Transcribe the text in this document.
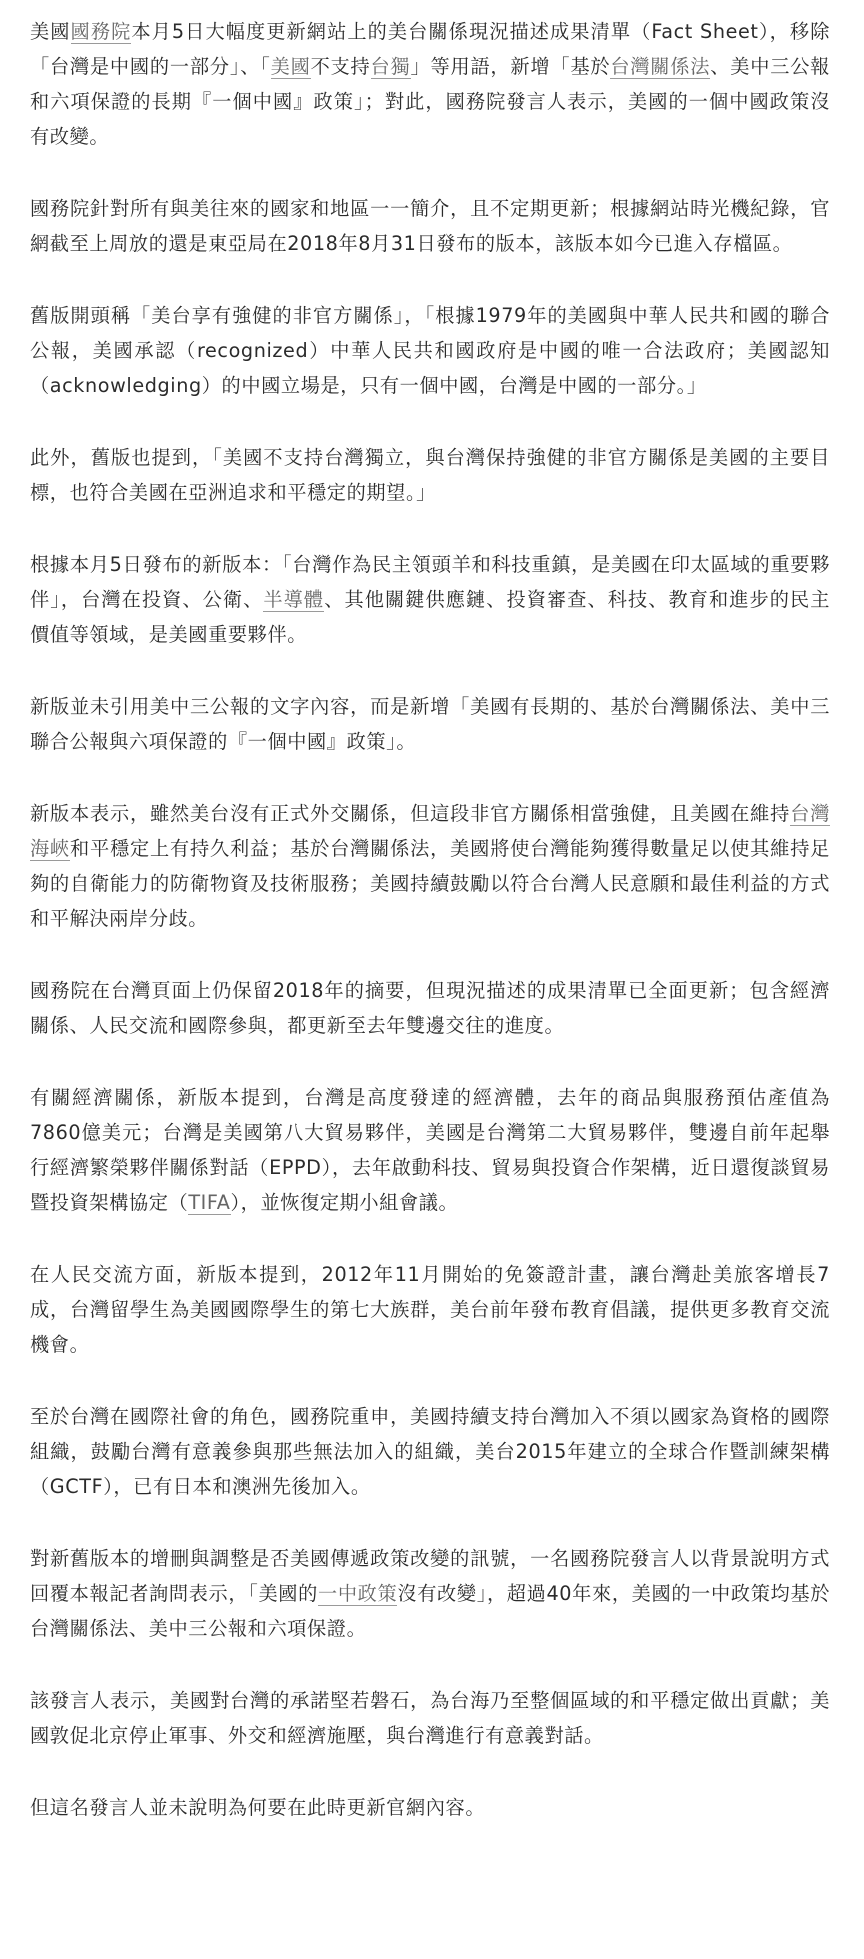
美國國務院本月5日大幅度更新網站上的美台關係現況描述成果清單（Fact Sheet），移除「台灣是中國的一部分」、「美國不支持台獨」等用語，新增「基於台灣關係法、美中三公報和六項保證的長期『一個中國』政策」；對此，國務院發言人表示，美國的一個中國政策沒有改變。

國務院針對所有與美往來的國家和地區一一簡介，且不定期更新；根據網站時光機紀錄，官網截至上周放的還是東亞局在2018年8月31日發布的版本，該版本如今已進入存檔區。

舊版開頭稱「美台享有強健的非官方關係」，「根據1979年的美國與中華人民共和國的聯合公報，美國承認（recognized）中華人民共和國政府是中國的唯一合法政府；美國認知（acknowledging）的中國立場是，只有一個中國，台灣是中國的一部分。」

此外，舊版也提到，「美國不支持台灣獨立，與台灣保持強健的非官方關係是美國的主要目標，也符合美國在亞洲追求和平穩定的期望。」

根據本月5日發布的新版本：「台灣作為民主領頭羊和科技重鎮，是美國在印太區域的重要夥伴」，台灣在投資、公衛、半導體、其他關鍵供應鏈、投資審查、科技、教育和進步的民主價值等領域，是美國重要夥伴。

新版並未引用美中三公報的文字內容，而是新增「美國有長期的、基於台灣關係法、美中三聯合公報與六項保證的『一個中國』政策」。

新版本表示，雖然美台沒有正式外交關係，但這段非官方關係相當強健，且美國在維持台灣海峽和平穩定上有持久利益；基於台灣關係法，美國將使台灣能夠獲得數量足以使其維持足夠的自衛能力的防衛物資及技術服務；美國持續鼓勵以符合台灣人民意願和最佳利益的方式和平解決兩岸分歧。

國務院在台灣頁面上仍保留2018年的摘要，但現況描述的成果清單已全面更新；包含經濟關係、人民交流和國際參與，都更新至去年雙邊交往的進度。

有關經濟關係，新版本提到，台灣是高度發達的經濟體，去年的商品與服務預估產值為7860億美元；台灣是美國第八大貿易夥伴，美國是台灣第二大貿易夥伴，雙邊自前年起舉行經濟繁榮夥伴關係對話（EPPD），去年啟動科技、貿易與投資合作架構，近日還復談貿易暨投資架構協定（TIFA），並恢復定期小組會議。

在人民交流方面，新版本提到，2012年11月開始的免簽證計畫，讓台灣赴美旅客增長7成，台灣留學生為美國國際學生的第七大族群，美台前年發布教育倡議，提供更多教育交流機會。

至於台灣在國際社會的角色，國務院重申，美國持續支持台灣加入不須以國家為資格的國際組織，鼓勵台灣有意義參與那些無法加入的組織，美台2015年建立的全球合作暨訓練架構（GCTF），已有日本和澳洲先後加入。

對新舊版本的增刪與調整是否美國傳遞政策改變的訊號，一名國務院發言人以背景說明方式回覆本報記者詢問表示，「美國的一中政策沒有改變」，超過40年來，美國的一中政策均基於台灣關係法、美中三公報和六項保證。

該發言人表示，美國對台灣的承諾堅若磐石，為台海乃至整個區域的和平穩定做出貢獻；美國敦促北京停止軍事、外交和經濟施壓，與台灣進行有意義對話。

但這名發言人並未說明為何要在此時更新官網內容。
